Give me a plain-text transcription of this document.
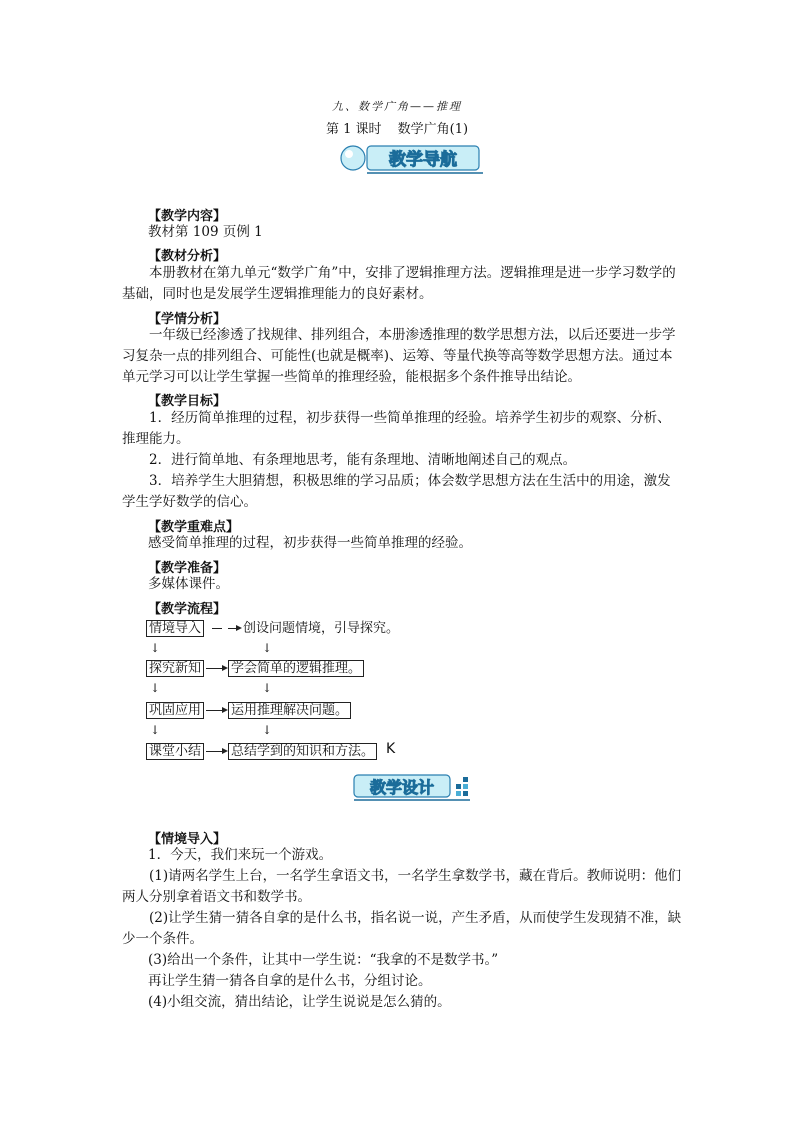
九、数学广角——推理
第 1 课时 数学广角(1)
教学导航
【教学内容】
教材第 109 页例 1
【教材分析】
本册教材在第九单元“数学广角”中，安排了逻辑推理方法。逻辑推理是进一步学习数学的基础，同时也是发展学生逻辑推理能力的良好素材。
【学情分析】
一年级已经渗透了找规律、排列组合，本册渗透推理的数学思想方法，以后还要进一步学习复杂一点的排列组合、可能性(也就是概率)、运筹、等量代换等高等数学思想方法。通过本单元学习可以让学生掌握一些简单的推理经验，能根据多个条件推导出结论。
【教学目标】
1．经历简单推理的过程，初步获得一些简单推理的经验。培养学生初步的观察、分析、推理能力。
2．进行简单地、有条理地思考，能有条理地、清晰地阐述自己的观点。
3．培养学生大胆猜想，积极思维的学习品质；体会数学思想方法在生活中的用途，激发学生学好数学的信心。
【教学重难点】
感受简单推理的过程，初步获得一些简单推理的经验。
【教学准备】
多媒体课件。
【教学流程】
情境导入	创设问题情境，引导探究。
↓	↓
探究新知 学会简单的逻辑推理。
↓	↓
巩固应用 运用推理解决问题。
↓	↓
课堂小结 总结学到的知识和方法。 K
教学设计
【情境导入】
1．今天，我们来玩一个游戏。
(1)请两名学生上台，一名学生拿语文书，一名学生拿数学书，藏在背后。教师说明：他们两人分别拿着语文书和数学书。
(2)让学生猜一猜各自拿的是什么书，指名说一说，产生矛盾，从而使学生发现猜不准，缺少一个条件。
(3)给出一个条件，让其中一学生说：“我拿的不是数学书。”
再让学生猜一猜各自拿的是什么书，分组讨论。
(4)小组交流，猜出结论，让学生说说是怎么猜的。
